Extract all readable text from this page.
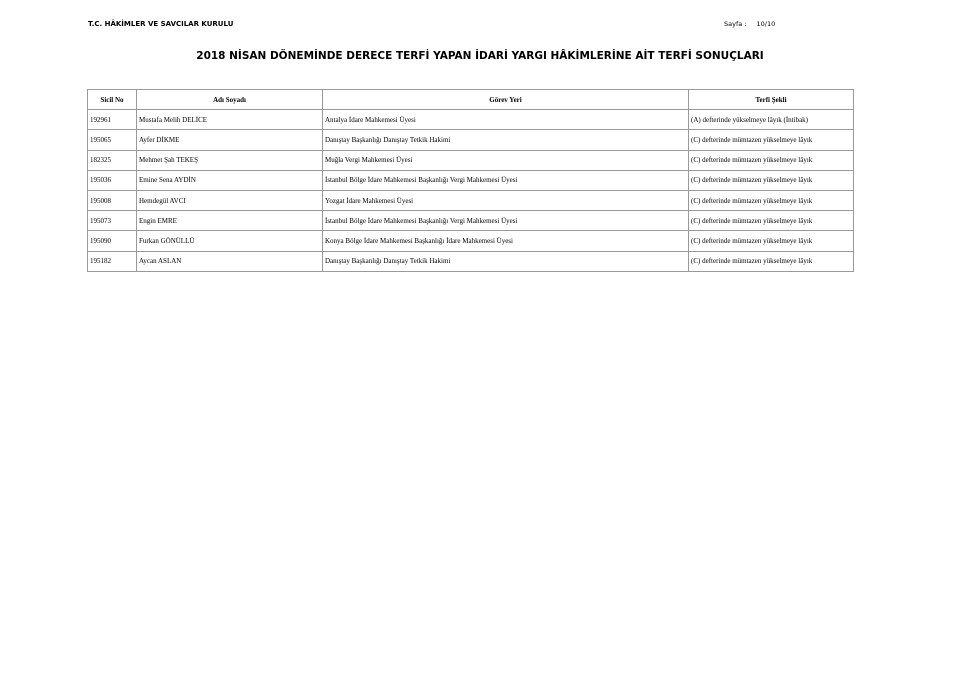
T.C. HÂKİMLER VE SAVCILAR KURULU	Sayfa : 10/10
2018 NİSAN DÖNEMİNDE DERECE TERFİ YAPAN İDARİ YARGI HÂKİMLERİNE AİT TERFİ SONUÇLARI
Sicil No	Adı Soyadı	Görev Yeri	Terfi Şekli
192961	Mustafa Melih DELİCE	Antalya İdare Mahkemesi Üyesi	(A) defterinde yükselmeye lâyık (İntibak)
195065	Ayfer DİKME	Danıştay Başkanlığı Danıştay Tetkik Hakimi	(C) defterinde mümtazen yükselmeye lâyık
182325	Mehmet Şah TEKEŞ	Muğla Vergi Mahkemesi Üyesi	(C) defterinde mümtazen yükselmeye lâyık
195036	Emine Sena AYDİN	İstanbul Bölge İdare Mahkemesi Başkanlığı Vergi Mahkemesi Üyesi	(C) defterinde mümtazen yükselmeye lâyık
195008	Hemdegül AVCI	Yozgat İdare Mahkemesi Üyesi	(C) defterinde mümtazen yükselmeye lâyık
195073	Engin EMRE	İstanbul Bölge İdare Mahkemesi Başkanlığı Vergi Mahkemesi Üyesi	(C) defterinde mümtazen yükselmeye lâyık
195090	Furkan GÖNÜLLÜ	Konya Bölge İdare Mahkemesi Başkanlığı İdare Mahkemesi Üyesi	(C) defterinde mümtazen yükselmeye lâyık
195182	Aycan ASLAN	Danıştay Başkanlığı Danıştay Tetkik Hakimi	(C) defterinde mümtazen yükselmeye lâyık
